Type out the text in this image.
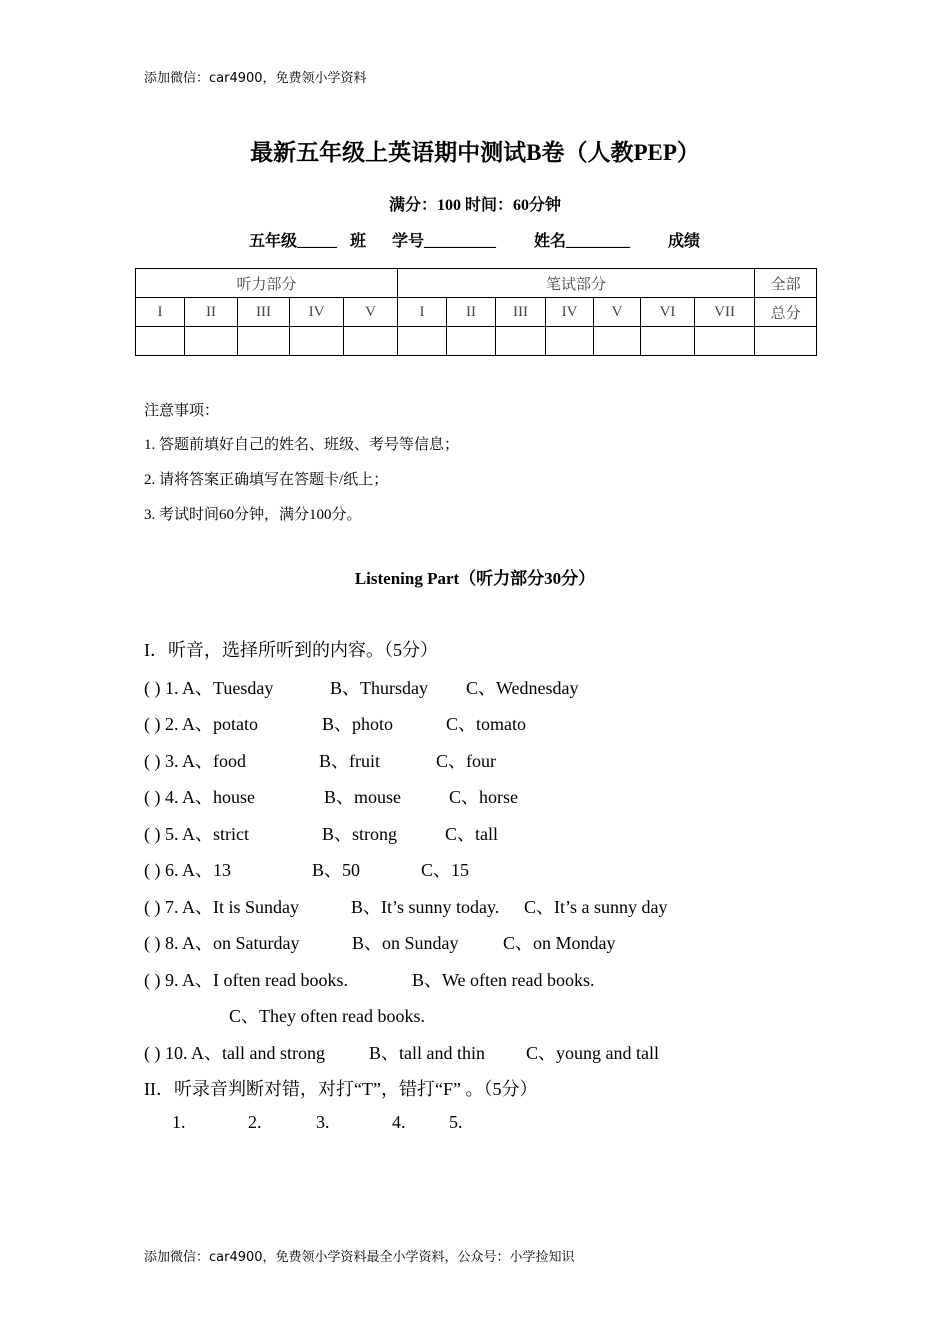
添加微信：car4900，免费领小学资料
最新五年级上英语期中测试B卷（人教PEP）
满分：100 时间：60分钟
五年级_____ 班 学号_________ 姓名________ 成绩
听力部分					笔试部分							全部
I	II	III	IV	V	I	II	III	IV	V	VI	VII	总分

注意事项：
1. 答题前填好自己的姓名、班级、考号等信息；
2. 请将答案正确填写在答题卡/纸上；
3. 考试时间60分钟，满分100分。
Listening Part（听力部分30分）
I．听音，选择所听到的内容。（5分）
( ) 1. A、Tuesday	B、Thursday C、Wednesday
( ) 2. A、potato	B、photo	C、tomato
( ) 3. A、food	B、fruit	C、four
( ) 4. A、house	B、mouse	C、horse
( ) 5. A、strict	B、strong	C、tall
( ) 6. A、13	B、50	C、15
( ) 7. A、It is Sunday	B、It’s sunny today. C、It’s a sunny day
( ) 8. A、on Saturday	B、on Sunday C、on Monday
( ) 9. A、I often read books.	B、We often read books.
C、They often read books.
( ) 10. A、tall and strong B、tall and thin C、young and tall
II．听录音判断对错，对打“T”，错打“F” 。（5分）
1.	2.	3.	4. 5.
添加微信：car4900，免费领小学资料最全小学资料，公众号：小学捡知识
